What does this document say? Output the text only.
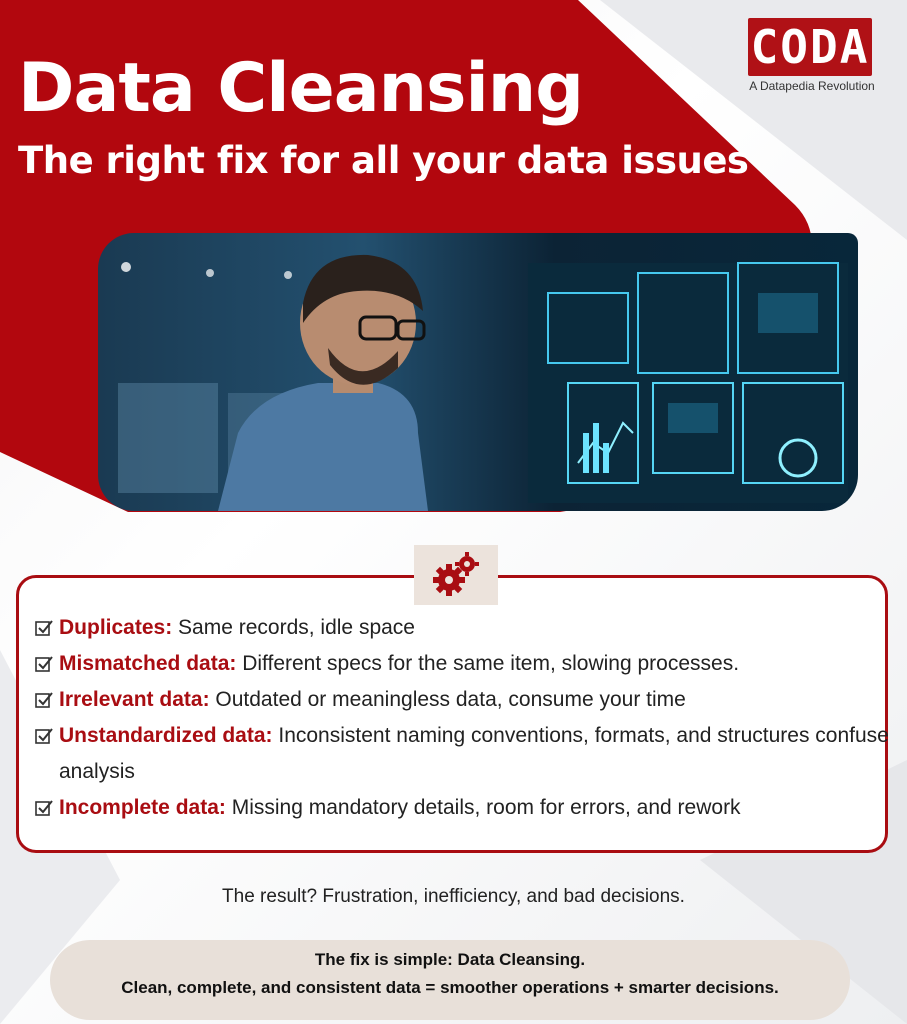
Data Cleansing
The right fix for all your data issues
CODA
A Datapedia Revolution
Duplicates: Same records, idle space
Mismatched data: Different specs for the same item, slowing processes.
Irrelevant data: Outdated or meaningless data, consume your time
Unstandardized data: Inconsistent naming conventions, formats, and structures confuse analysis
Incomplete data: Missing mandatory details, room for errors, and rework
The result? Frustration, inefficiency, and bad decisions.
The fix is simple: Data Cleansing.
Clean, complete, and consistent data = smoother operations + smarter decisions.
